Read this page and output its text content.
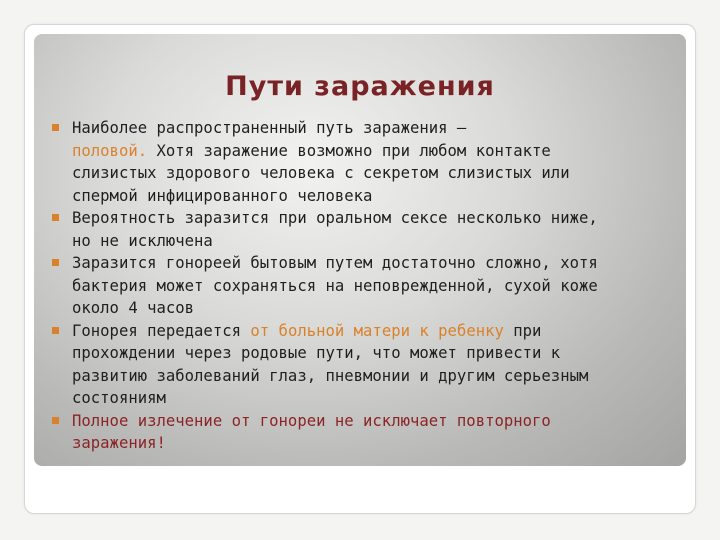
Пути заражения
Наиболее распространенный путь заражения –
половой. Хотя заражение возможно при любом контакте слизистых здорового человека с секретом слизистых или спермой инфицированного человека
Вероятность заразится при оральном сексе несколько ниже, но не исключена
Заразится гонореей бытовым путем достаточно сложно, хотя бактерия может сохраняться на неповрежденной, сухой коже около 4 часов
Гонорея передается от больной матери к ребенку при прохождении через родовые пути, что может привести к развитию заболеваний глаз, пневмонии и другим серьезным состояниям
Полное излечение от гонореи не исключает повторного заражения!
